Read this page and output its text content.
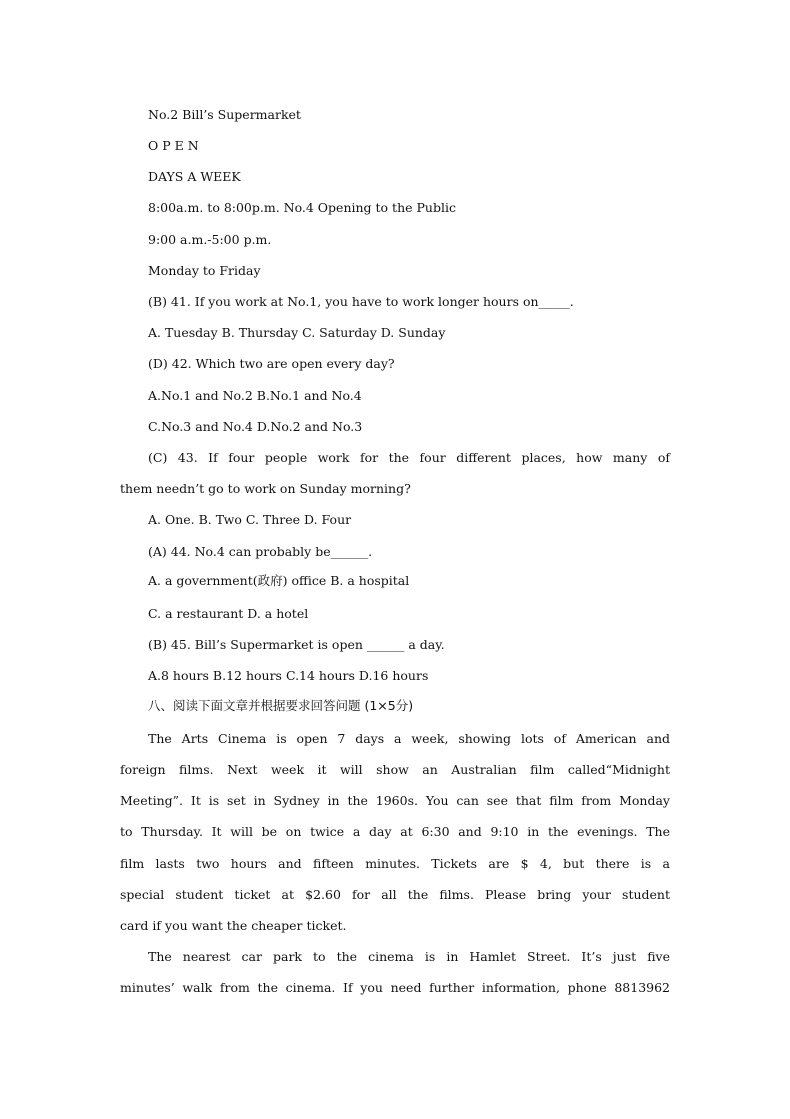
No.2 Bill’s Supermarket
O P E N
DAYS A WEEK
8:00a.m. to 8:00p.m. No.4 Opening to the Public
9:00 a.m.-5:00 p.m.
Monday to Friday
(B) 41. If you work at No.1, you have to work longer hours on_____.
A. Tuesday B. Thursday C. Saturday D. Sunday
(D) 42. Which two are open every day?
A.No.1 and No.2 B.No.1 and No.4
C.No.3 and No.4 D.No.2 and No.3
(C) 43. If four people work for the four different places, how many of
them needn’t go to work on Sunday morning?
A. One. B. Two C. Three D. Four
(A) 44. No.4 can probably be______.
A. a government(政府) office B. a hospital
C. a restaurant D. a hotel
(B) 45. Bill’s Supermarket is open ______ a day.
A.8 hours B.12 hours C.14 hours D.16 hours
八、阅读下面文章并根据要求回答问题 (1×5分)
The Arts Cinema is open 7 days a week, showing lots of American and
foreign films. Next week it will show an Australian film called“Midnight
Meeting”. It is set in Sydney in the 1960s. You can see that film from Monday
to Thursday. It will be on twice a day at 6:30 and 9:10 in the evenings. The
film lasts two hours and fifteen minutes. Tickets are $ 4, but there is a
special student ticket at $2.60 for all the films. Please bring your student
card if you want the cheaper ticket.
The nearest car park to the cinema is in Hamlet Street. It’s just five
minutes’ walk from the cinema. If you need further information, phone 8813962
